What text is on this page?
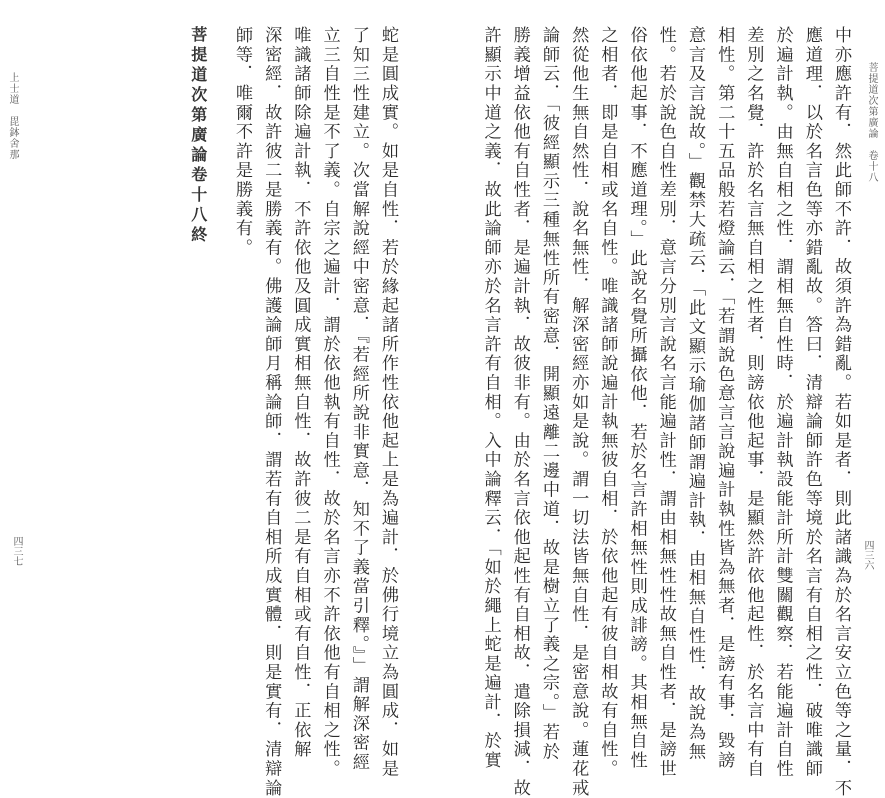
上士道　毘鉢舍那	蛇是圓成實。如是自性．若於緣起諸所作性依他起上是為遍計．於佛行境立為圓成．如是
了知三性建立。次當解說經中密意．『若經所說非實意．知不了義當引釋。』」謂解深密經
立三自性是不了義。自宗之遍計．謂於依他執有自性．故於名言亦不許依他有自相之性。
唯識諸師除遍計執．不許依他及圓成實相無自性．故許彼二是有自相或有自性．正依解
深密經．故許彼二是勝義有。佛護論師月稱論師．謂若有自相所成實體．則是實有．清辯論
師等．唯爾不許是勝義有。
菩提道次第廣論卷十八終
四三七	中亦應許有．然此師不許．故須許為錯亂。若如是者．則此諸識為於名言安立色等之量．不
應道理．以於名言色等亦錯亂故。答曰．清辯論師許色等境於名言有自相之性．破唯識師
於遍計執。由無自相之性．謂相無自性時．於遍計執設能計所計雙關觀察．若能遍計自性
差別之名覺．許於名言無自相之性者．則謗依他起事．是顯然許依他起性．於名言中有自
相性。第二十五品般若燈論云．「若謂說色意言言說遍計執性皆為無者．是謗有事．毀謗
意言及言說故。」觀禁大疏云．「此文顯示瑜伽諸師謂遍計執．由相無自性性．故說為無
性。若於說色自性差別．意言分別言說名言能遍計性．謂由相無性性故無自性者．是謗世
俗依他起事．不應道理。」此說名覺所攝依他．若於名言許相無性則成誹謗。其相無自性
之相者．即是自相或名自性。唯識諸師說遍計執無彼自相．於依他起有彼自相故有自性。
然從他生無自然性．說名無性．解深密經亦如是說。謂一切法皆無自性．是密意說。蓮花戒
論師云．「彼經顯示三種無性所有密意．開顯遠離二邊中道．故是樹立了義之宗。」若於
勝義增益依他有自性者．是遍計執．故彼非有。由於名言依他起性有自相故．遣除損減．故
許顯示中道之義．故此論師亦於名言許有自相。入中論釋云．「如於繩上蛇是遍計．於實	菩提道次第廣論　卷十八
四三六
